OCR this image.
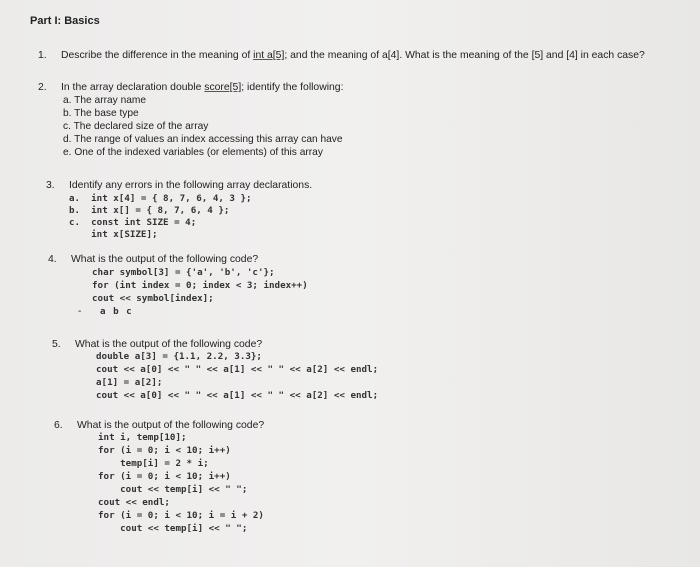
Part I: Basics
1. Describe the difference in the meaning of int a[5]; and the meaning of a[4]. What is the meaning of the [5] and [4] in each case?
2. In the array declaration double score[5]; identify the following:
a. The array name
b. The base type
c. The declared size of the array
d. The range of values an index accessing this array can have
e. One of the indexed variables (or elements) of this array
3. Identify any errors in the following array declarations.
a.  int x[4] = { 8, 7, 6, 4, 3 };
b.  int x[] = { 8, 7, 6, 4 };
c.  const int SIZE = 4;
int x[SIZE];
4. What is the output of the following code?
char symbol[3] = {'a', 'b', 'c'};
for (int index = 0; index < 3; index++)
cout << symbol[index];
- a b c
5. What is the output of the following code?
double a[3] = {1.1, 2.2, 3.3};
cout << a[0] << " " << a[1] << " " << a[2] << endl;
a[1] = a[2];
cout << a[0] << " " << a[1] << " " << a[2] << endl;
6. What is the output of the following code?
int i, temp[10];
for (i = 0; i < 10; i++)
temp[i] = 2 * i;
for (i = 0; i < 10; i++)
cout << temp[i] << " ";
cout << endl;
for (i = 0; i < 10; i = i + 2)
cout << temp[i] << " ";
